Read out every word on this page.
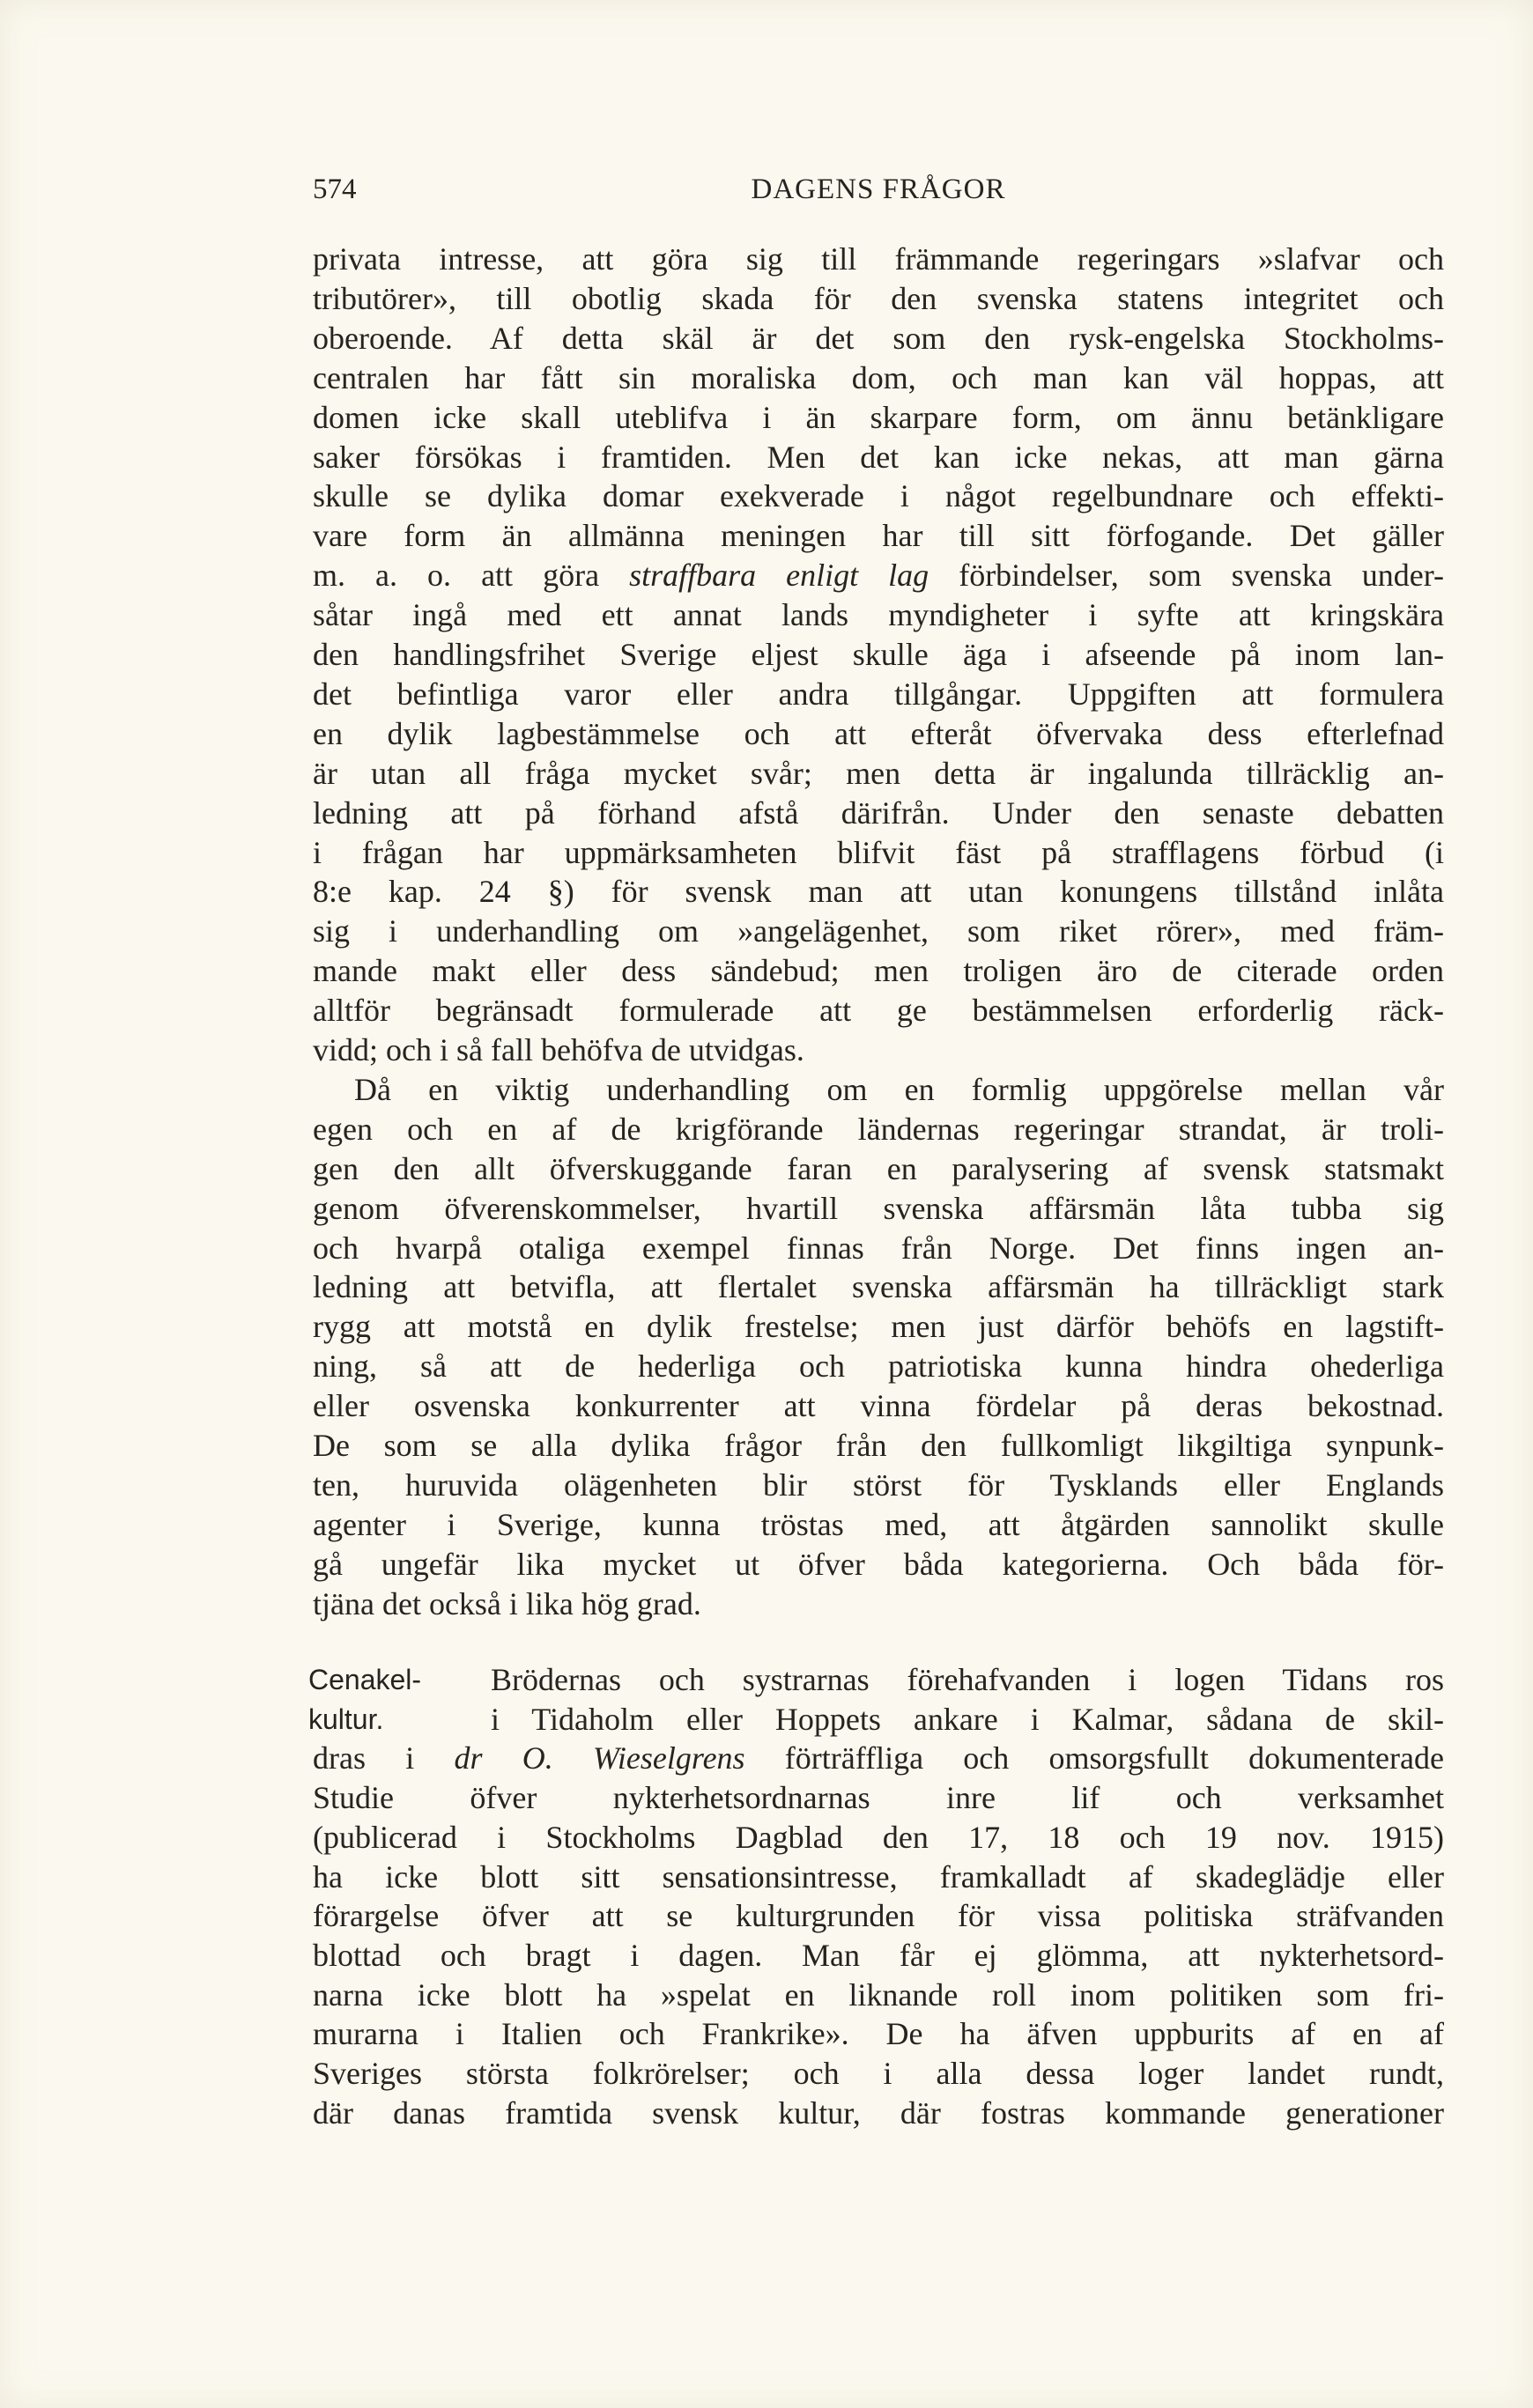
574	DAGENS FRÅGOR
privata intresse, att göra sig till främmande regeringars »slafvar och
tributörer», till obotlig skada för den svenska statens integritet och
oberoende. Af detta skäl är det som den rysk-engelska Stockholms-
centralen har fått sin moraliska dom, och man kan väl hoppas, att
domen icke skall uteblifva i än skarpare form, om ännu betänkligare
saker försökas i framtiden. Men det kan icke nekas, att man gärna
skulle se dylika domar exekverade i något regelbundnare och effekti-
vare form än allmänna meningen har till sitt förfogande. Det gäller
m. a. o. att göra straffbara enligt lag förbindelser, som svenska under-
såtar ingå med ett annat lands myndigheter i syfte att kringskära
den handlingsfrihet Sverige eljest skulle äga i afseende på inom lan-
det befintliga varor eller andra tillgångar. Uppgiften att formulera
en dylik lagbestämmelse och att efteråt öfvervaka dess efterlefnad
är utan all fråga mycket svår; men detta är ingalunda tillräcklig an-
ledning att på förhand afstå därifrån. Under den senaste debatten
i frågan har uppmärksamheten blifvit fäst på strafflagens förbud (i
8:e kap. 24 §) för svensk man att utan konungens tillstånd inlåta
sig i underhandling om »angelägenhet, som riket rörer», med främ-
mande makt eller dess sändebud; men troligen äro de citerade orden
alltför begränsadt formulerade att ge bestämmelsen erforderlig räck-
vidd; och i så fall behöfva de utvidgas.
Då en viktig underhandling om en formlig uppgörelse mellan vår
egen och en af de krigförande ländernas regeringar strandat, är troli-
gen den allt öfverskuggande faran en paralysering af svensk statsmakt
genom öfverenskommelser, hvartill svenska affärsmän låta tubba sig
och hvarpå otaliga exempel finnas från Norge. Det finns ingen an-
ledning att betvifla, att flertalet svenska affärsmän ha tillräckligt stark
rygg att motstå en dylik frestelse; men just därför behöfs en lagstift-
ning, så att de hederliga och patriotiska kunna hindra ohederliga
eller osvenska konkurrenter att vinna fördelar på deras bekostnad.
De som se alla dylika frågor från den fullkomligt likgiltiga synpunk-
ten, huruvida olägenheten blir störst för Tysklands eller Englands
agenter i Sverige, kunna tröstas med, att åtgärden sannolikt skulle
gå ungefär lika mycket ut öfver båda kategorierna. Och båda för-
tjäna det också i lika hög grad.
Cenakel-
kultur.
Brödernas och systrarnas förehafvanden i logen Tidans ros
i Tidaholm eller Hoppets ankare i Kalmar, sådana de skil-
dras i dr O. Wieselgrens förträffliga och omsorgsfullt dokumenterade
Studie öfver nykterhetsordnarnas inre lif och verksamhet
(publicerad i Stockholms Dagblad den 17, 18 och 19 nov. 1915)
ha icke blott sitt sensationsintresse, framkalladt af skadeglädje eller
förargelse öfver att se kulturgrunden för vissa politiska sträfvanden
blottad och bragt i dagen. Man får ej glömma, att nykterhetsord-
narna icke blott ha »spelat en liknande roll inom politiken som fri-
murarna i Italien och Frankrike». De ha äfven uppburits af en af
Sveriges största folkrörelser; och i alla dessa loger landet rundt,
där danas framtida svensk kultur, där fostras kommande generationer
